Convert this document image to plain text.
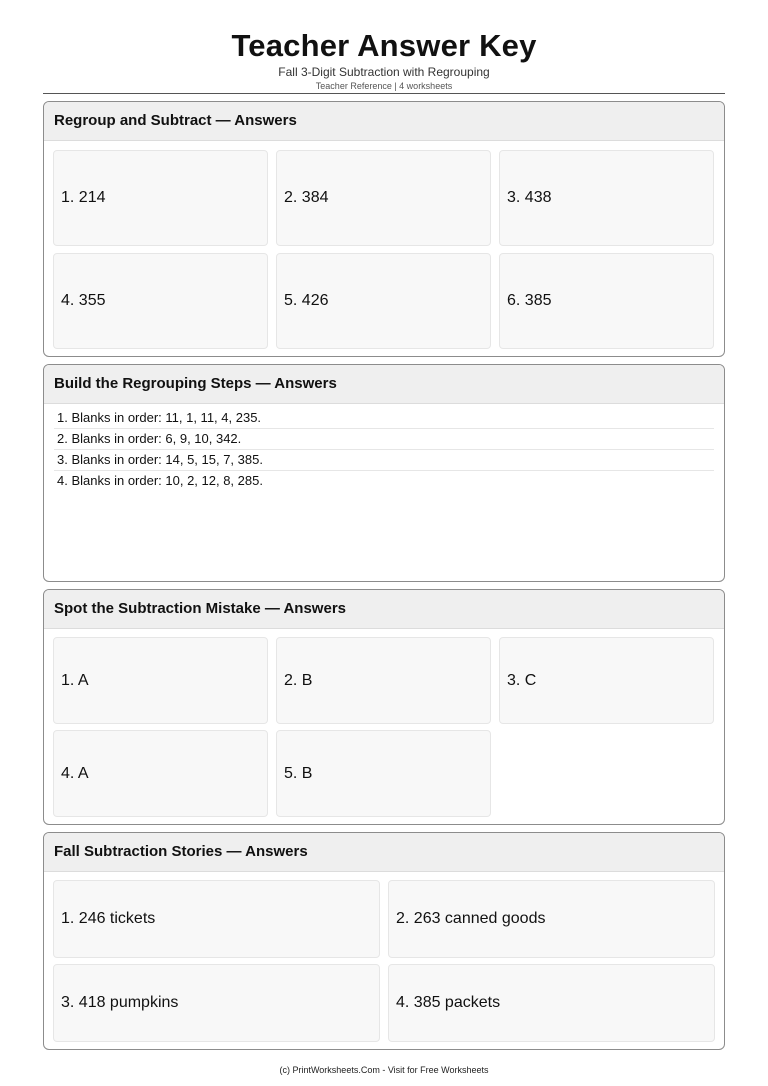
Teacher Answer Key
Fall 3-Digit Subtraction with Regrouping
Teacher Reference | 4 worksheets
Regroup and Subtract — Answers
1. 214	2. 384	3. 438
4. 355	5. 426	6. 385
Build the Regrouping Steps — Answers
1. Blanks in order: 11, 1, 11, 4, 235.
2. Blanks in order: 6, 9, 10, 342.
3. Blanks in order: 14, 5, 15, 7, 385.
4. Blanks in order: 10, 2, 12, 8, 285.
Spot the Subtraction Mistake — Answers
1. A	2. B	3. C
4. A	5. B
Fall Subtraction Stories — Answers
1. 246 tickets	2. 263 canned goods
3. 418 pumpkins	4. 385 packets
(c) PrintWorksheets.Com - Visit for Free Worksheets
